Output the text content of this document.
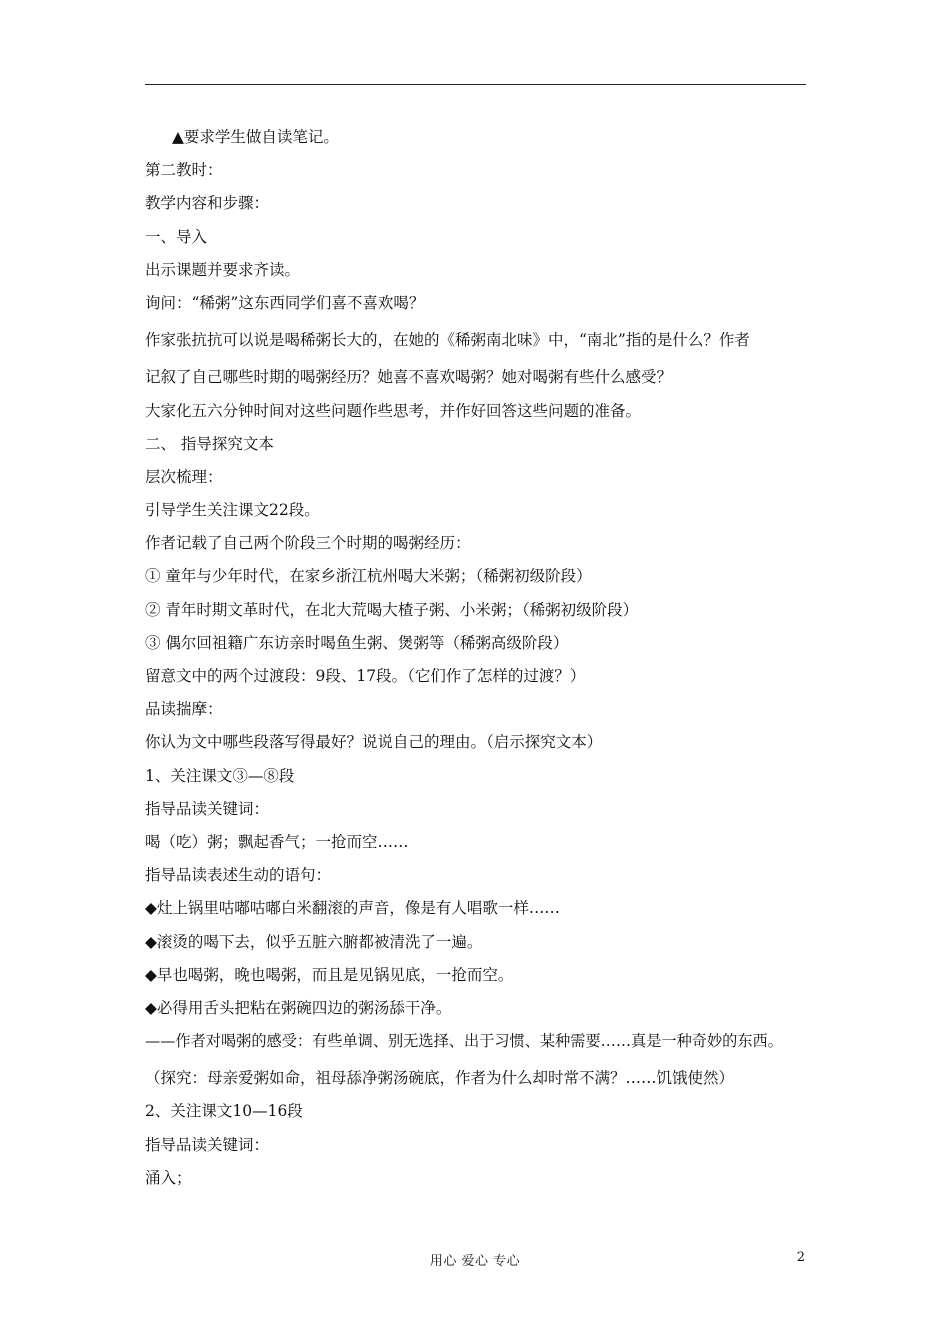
▲要求学生做自读笔记。
第二教时：
教学内容和步骤：
一、导入
出示课题并要求齐读。
询问：“稀粥”这东西同学们喜不喜欢喝？
作家张抗抗可以说是喝稀粥长大的，在她的《稀粥南北味》中，“南北”指的是什么？作者
记叙了自己哪些时期的喝粥经历？她喜不喜欢喝粥？她对喝粥有些什么感受？
大家化五六分钟时间对这些问题作些思考，并作好回答这些问题的准备。
二、 指导探究文本
层次梳理：
引导学生关注课文22段。
作者记载了自己两个阶段三个时期的喝粥经历：
① 童年与少年时代，在家乡浙江杭州喝大米粥；（稀粥初级阶段）
② 青年时期文革时代，在北大荒喝大楂子粥、小米粥；（稀粥初级阶段）
③ 偶尔回祖籍广东访亲时喝鱼生粥、煲粥等（稀粥高级阶段）
留意文中的两个过渡段：9段、17段。（它们作了怎样的过渡？）
品读揣摩：
你认为文中哪些段落写得最好？说说自己的理由。（启示探究文本）
1、关注课文③—⑧段
指导品读关键词：
喝（吃）粥；飘起香气；一抢而空……
指导品读表述生动的语句：
◆灶上锅里咕嘟咕嘟白米翻滚的声音，像是有人唱歌一样……
◆滚烫的喝下去，似乎五脏六腑都被清洗了一遍。
◆早也喝粥，晚也喝粥，而且是见锅见底，一抢而空。
◆必得用舌头把粘在粥碗四边的粥汤舔干净。
——作者对喝粥的感受：有些单调、别无选择、出于习惯、某种需要……真是一种奇妙的东西。
（探究：母亲爱粥如命，祖母舔净粥汤碗底，作者为什么却时常不满？……饥饿使然）
2、关注课文10—16段
指导品读关键词：
涌入；
用心 爱心 专心	2
